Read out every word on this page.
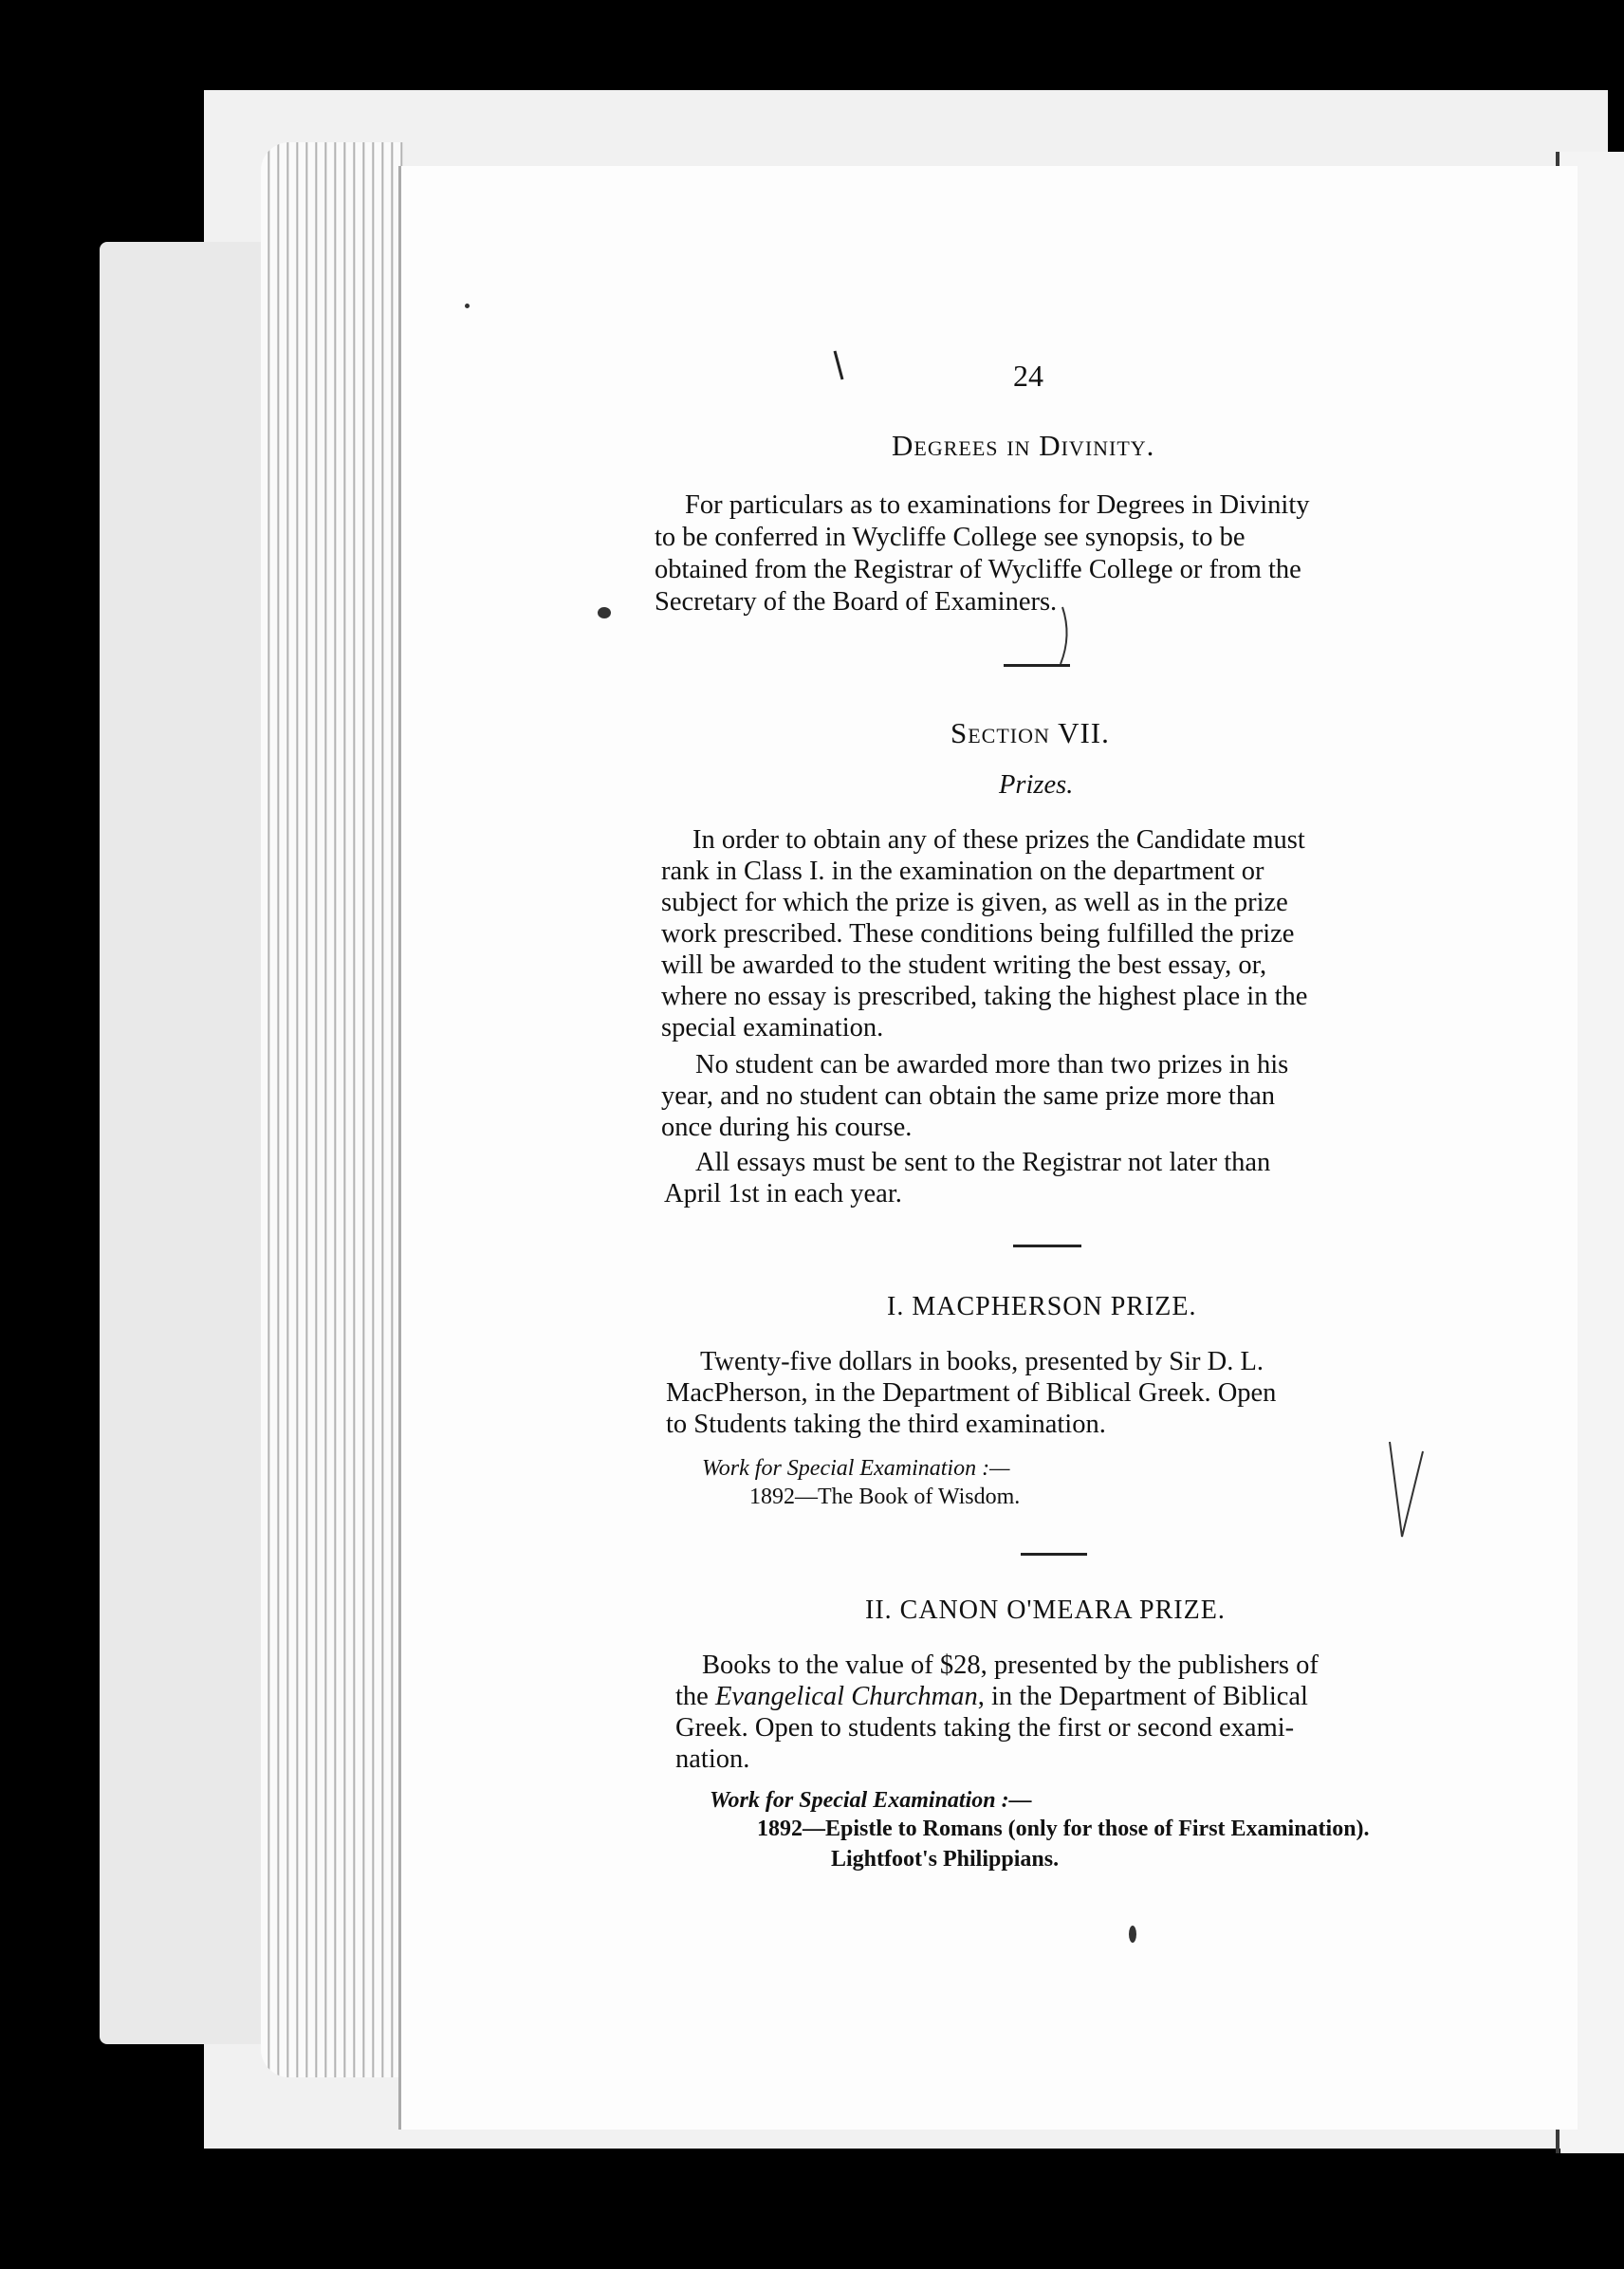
24
Degrees in Divinity.
For particulars as to examinations for Degrees in Divinity
to be conferred in Wycliffe College see synopsis, to be
obtained from the Registrar of Wycliffe College or from the
Secretary of the Board of Examiners.
Section VII.
Prizes.
In order to obtain any of these prizes the Candidate must
rank in Class I. in the examination on the department or
subject for which the prize is given, as well as in the prize
work prescribed. These conditions being fulfilled the prize
will be awarded to the student writing the best essay, or,
where no essay is prescribed, taking the highest place in the
special examination.
No student can be awarded more than two prizes in his
year, and no student can obtain the same prize more than
once during his course.
All essays must be sent to the Registrar not later than
April 1st in each year.
I. MACPHERSON PRIZE.
Twenty-five dollars in books, presented by Sir D. L.
MacPherson, in the Department of Biblical Greek. Open
to Students taking the third examination.
Work for Special Examination :—
1892—The Book of Wisdom.
II. CANON O'MEARA PRIZE.
Books to the value of $28, presented by the publishers of
the Evangelical Churchman, in the Department of Biblical
Greek. Open to students taking the first or second exami-
nation.
Work for Special Examination :—
1892—Epistle to Romans (only for those of First Examination).
Lightfoot's Philippians.
